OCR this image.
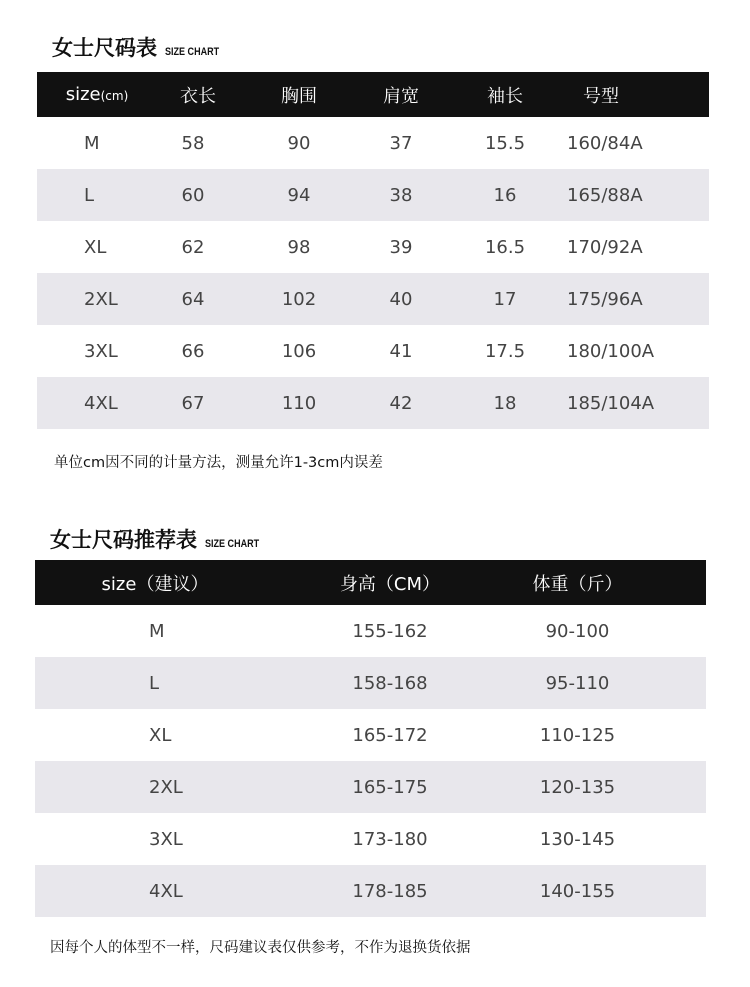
女士尺码表 SIZE CHART
size(cm)	衣长	胸围	肩宽	袖长	号型
M	58	90	37	15.5	160/84A
L	60	94	38	16	165/88A
XL	62	98	39	16.5	170/92A
2XL	64	102	40	17	175/96A
3XL	66	106	41	17.5	180/100A
4XL	67	110	42	18	185/104A
单位cm因不同的计量方法，测量允许1-3cm内误差
女士尺码推荐表 SIZE CHART
size（建议）	身高（CM）	体重（斤）
M	155-162	90-100
L	158-168	95-110
XL	165-172	110-125
2XL	165-175	120-135
3XL	173-180	130-145
4XL	178-185	140-155
因每个人的体型不一样，尺码建议表仅供参考，不作为退换货依据
